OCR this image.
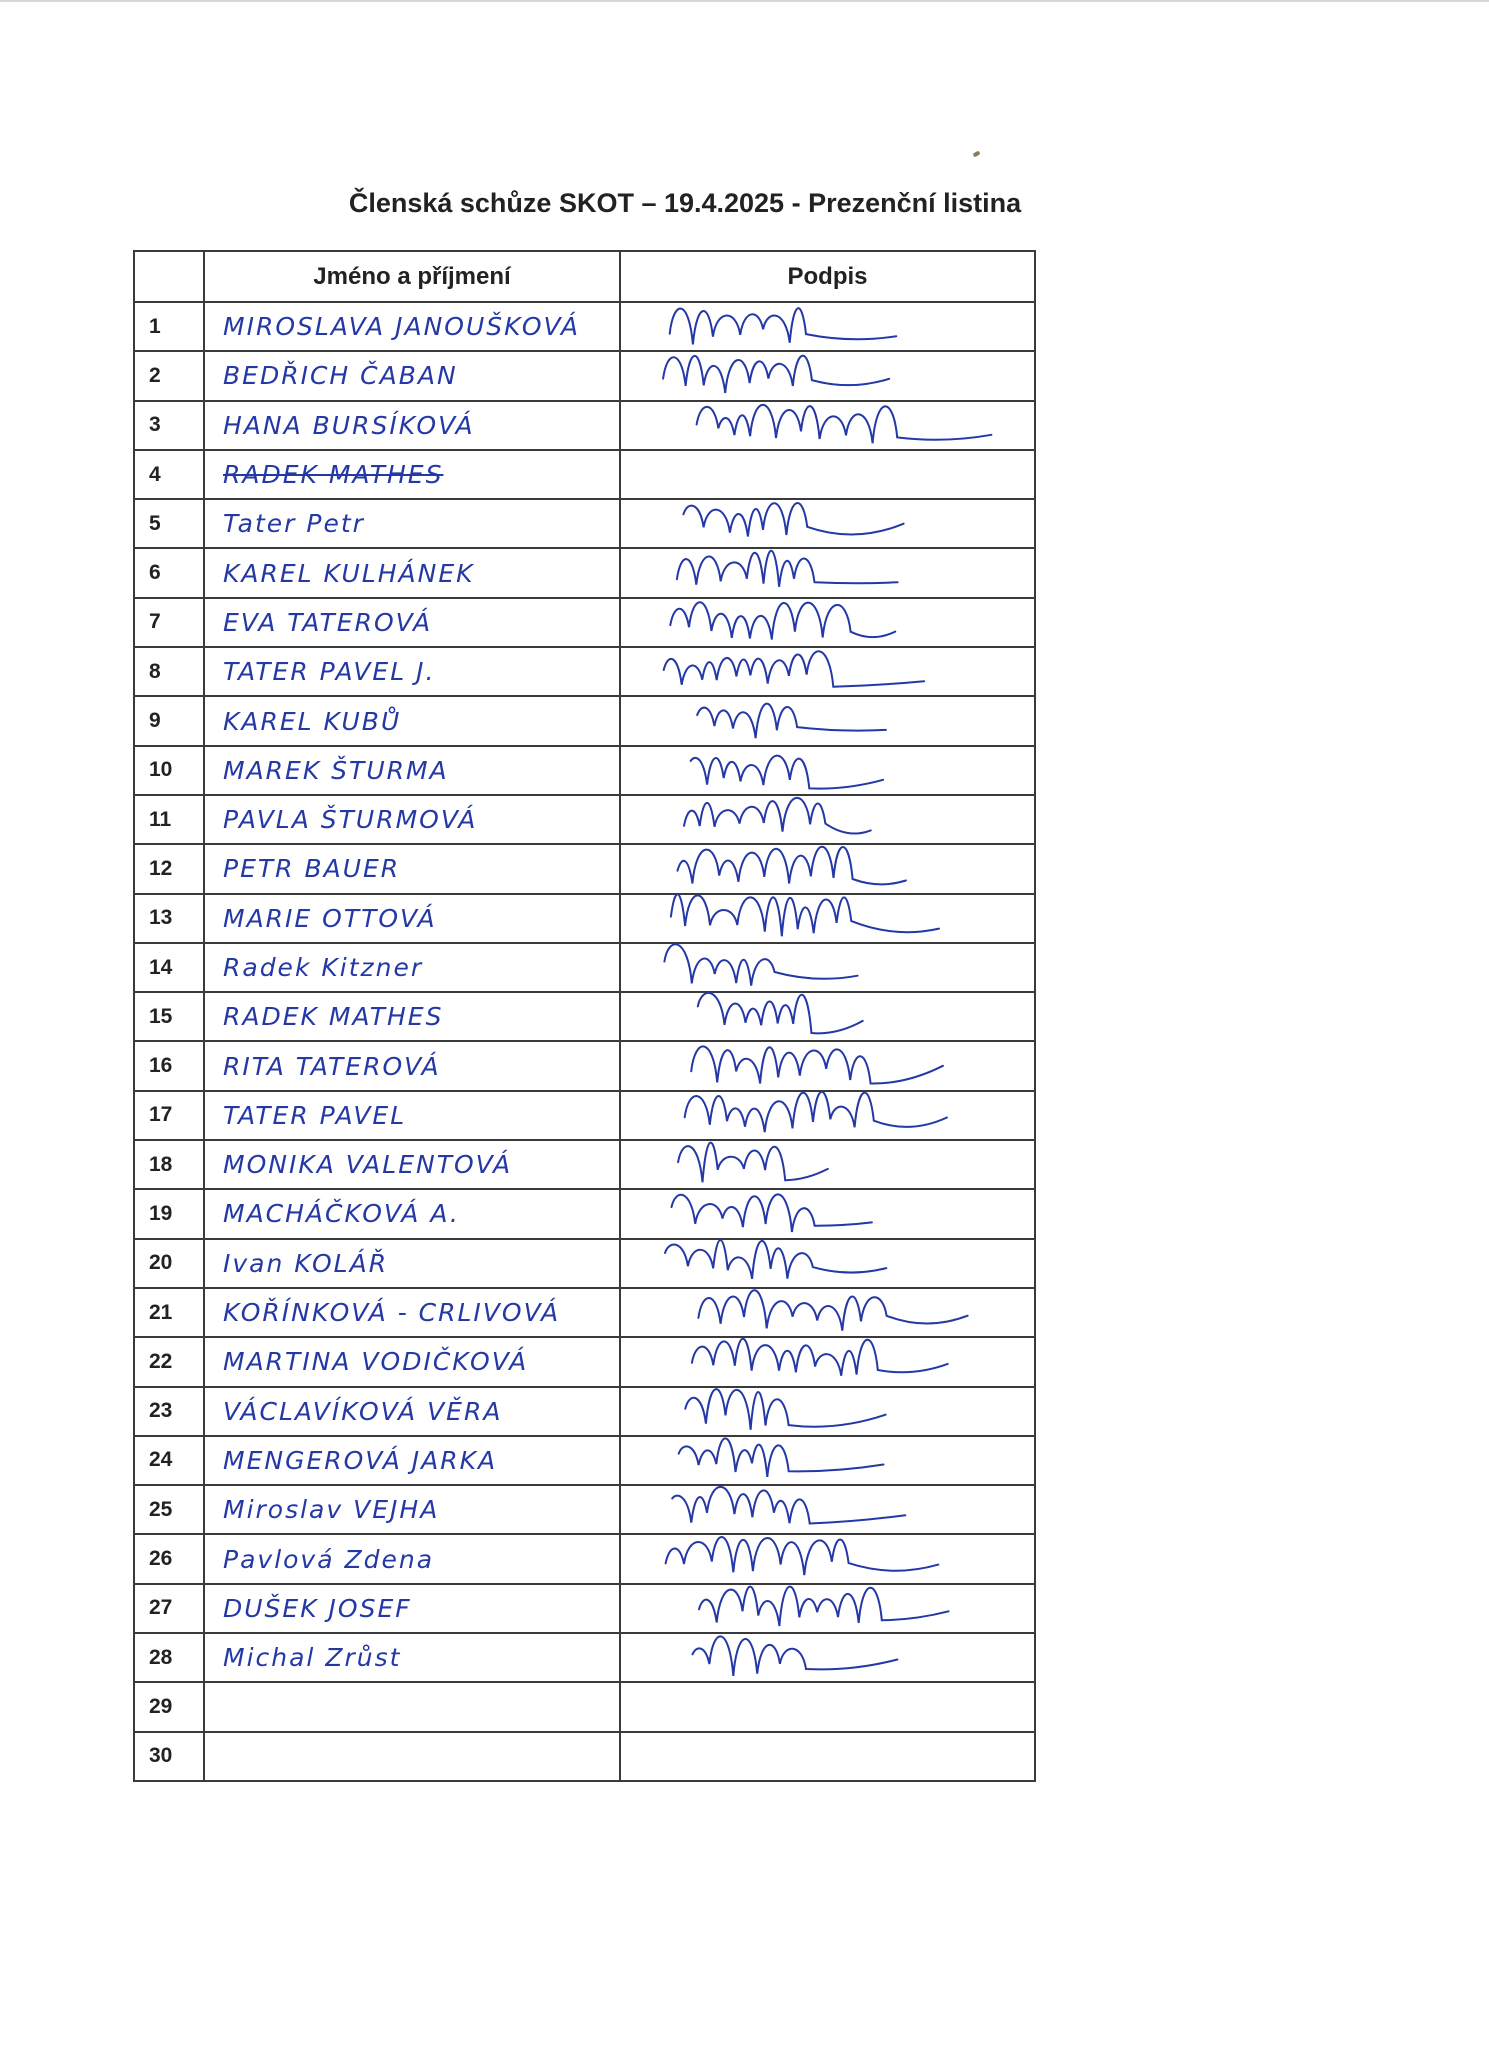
Členská schůze SKOT – 19.4.2025 - Prezenční listina
	Jméno a příjmení	Podpis
1	MIROSLAVA JANOUŠKOVÁ	

2	BEDŘICH ČABAN	

3	HANA BURSÍKOVÁ	

4	RADEK MATHES	
5	Tater Petr	

6	KAREL KULHÁNEK	

7	EVA TATEROVÁ	

8	TATER PAVEL J.	

9	KAREL KUBŮ	

10	MAREK ŠTURMA	

11	PAVLA ŠTURMOVÁ	

12	PETR BAUER	

13	MARIE OTTOVÁ	

14	Radek Kitzner	

15	RADEK MATHES	

16	RITA TATEROVÁ	

17	TATER PAVEL	

18	MONIKA VALENTOVÁ	

19	MACHÁČKOVÁ A.	

20	Ivan KOLÁŘ	

21	KOŘÍNKOVÁ - CRLIVOVÁ	

22	MARTINA VODIČKOVÁ	

23	VÁCLAVÍKOVÁ VĚRA	

24	MENGEROVÁ JARKA	

25	Miroslav VEJHA	

26	Pavlová Zdena	

27	DUŠEK JOSEF	

28	Michal Zrůst	

29		
30		
